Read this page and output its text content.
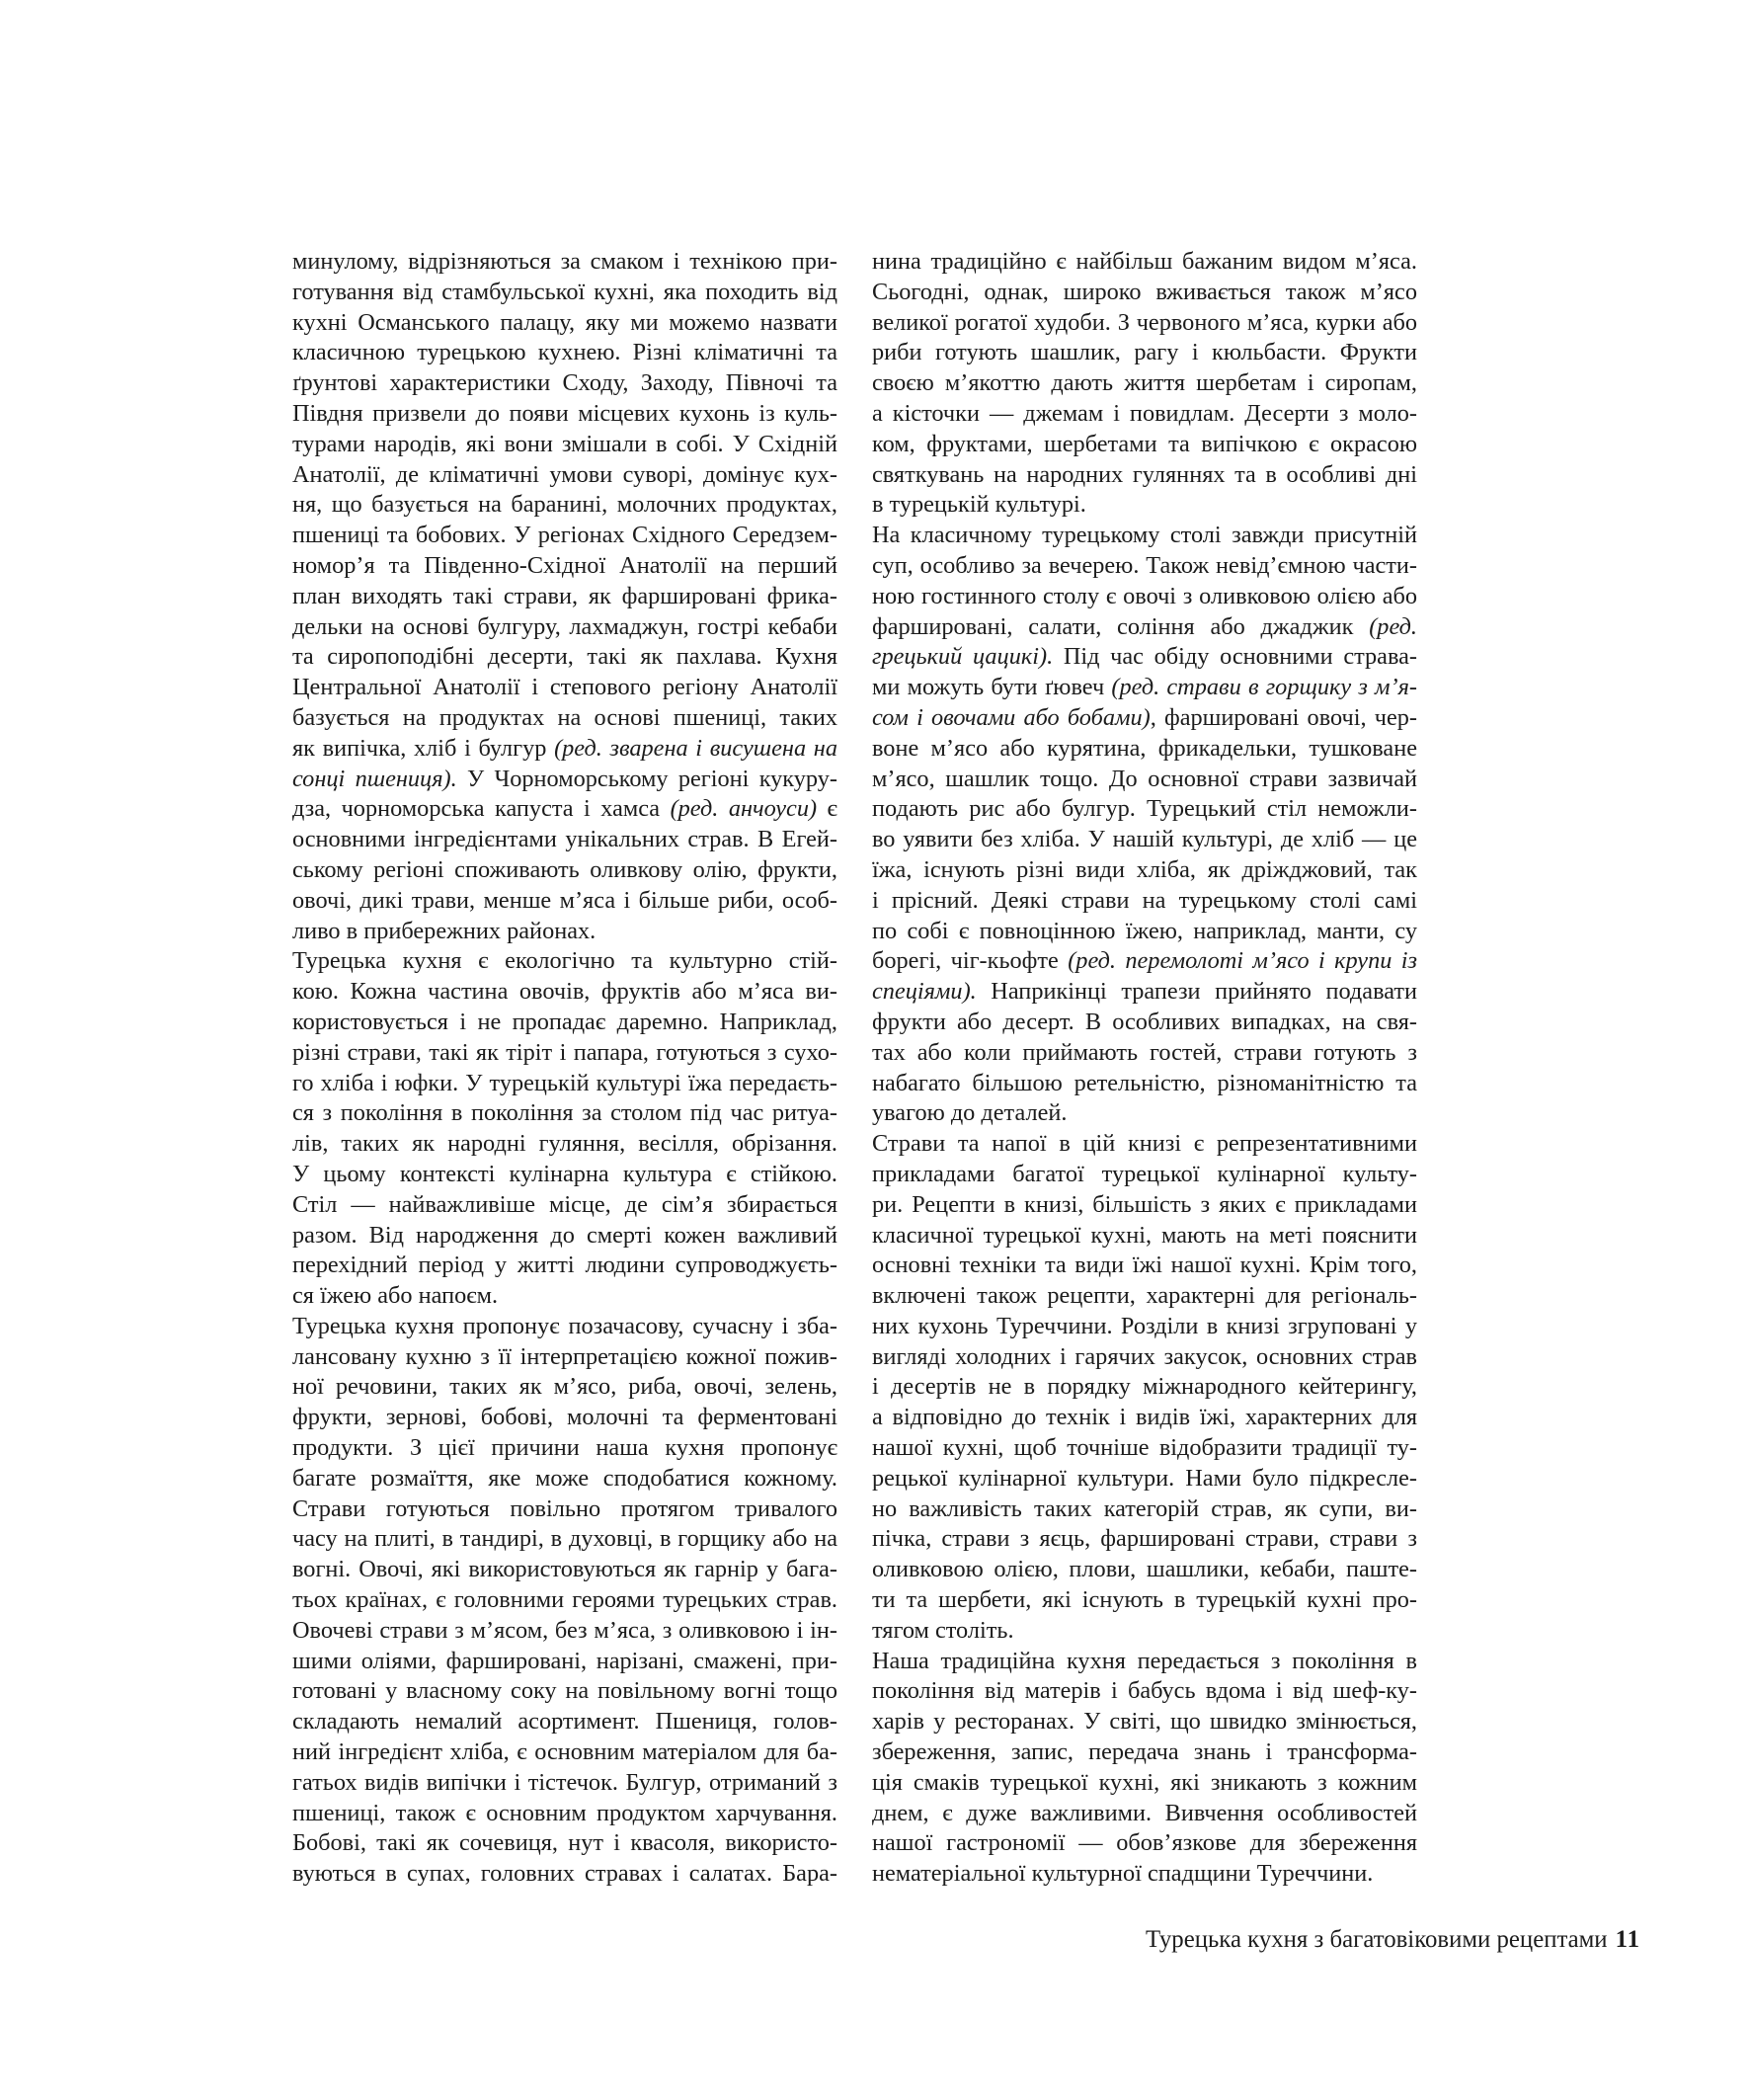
минулому, відрізняються за смаком і технікою при-
готування від стамбульської кухні, яка походить від
кухні Османського палацу, яку ми можемо назвати
класичною турецькою кухнею. Різні кліматичні та
ґрунтові характеристики Сходу, Заходу, Півночі та
Півдня призвели до появи місцевих кухонь із куль-
турами народів, які вони змішали в собі. У Східній
Анатолії, де кліматичні умови суворі, домінує кух-
ня, що базується на баранині, молочних продуктах,
пшениці та бобових. У регіонах Східного Середзем-
номор’я та Південно-Східної Анатолії на перший
план виходять такі страви, як фаршировані фрика-
дельки на основі булгуру, лахмаджун, гострі кебаби
та сиропоподібні десерти, такі як пахлава. Кухня
Центральної Анатолії і степового регіону Анатолії
базується на продуктах на основі пшениці, таких
як випічка, хліб і булгур (ред. зварена і висушена на
сонці пшениця). У Чорноморському регіоні кукуру-
дза, чорноморська капуста і хамса (ред. анчоуси) є
основними інгредієнтами унікальних страв. В Егей-
ському регіоні споживають оливкову олію, фрукти,
овочі, дикі трави, менше м’яса і більше риби, особ-
ливо в прибережних районах.
Турецька кухня є екологічно та культурно стій-
кою. Кожна частина овочів, фруктів або м’яса ви-
користовується і не пропадає даремно. Наприклад,
різні страви, такі як тіріт і папара, готуються з сухо-
го хліба і юфки. У турецькій культурі їжа передаєть-
ся з покоління в покоління за столом під час ритуа-
лів, таких як народні гуляння, весілля, обрізання.
У цьому контексті кулінарна культура є стійкою.
Стіл — найважливіше місце, де сім’я збирається
разом. Від народження до смерті кожен важливий
перехідний період у житті людини супроводжуєть-
ся їжею або напоєм.
Турецька кухня пропонує позачасову, сучасну і зба-
лансовану кухню з її інтерпретацією кожної пожив-
ної речовини, таких як м’ясо, риба, овочі, зелень,
фрукти, зернові, бобові, молочні та ферментовані
продукти. З цієї причини наша кухня пропонує
багате розмаїття, яке може сподобатися кожному.
Страви готуються повільно протягом тривалого
часу на плиті, в тандирі, в духовці, в горщику або на
вогні. Овочі, які використовуються як гарнір у бага-
тьох країнах, є головними героями турецьких страв.
Овочеві страви з м’ясом, без м’яса, з оливковою і ін-
шими оліями, фаршировані, нарізані, смажені, при-
готовані у власному соку на повільному вогні тощо
складають немалий асортимент. Пшениця, голов-
ний інгредієнт хліба, є основним матеріалом для ба-
гатьох видів випічки і тістечок. Булгур, отриманий з
пшениці, також є основним продуктом харчування.
Бобові, такі як сочевиця, нут і квасоля, використо-
вуються в супах, головних стравах і салатах. Бара-
нина традиційно є найбільш бажаним видом м’яса.
Сьогодні, однак, широко вживається також м’ясо
великої рогатої худоби. З червоного м’яса, курки або
риби готують шашлик, рагу і кюльбасти. Фрукти
своєю м’якоттю дають життя шербетам і сиропам,
а кісточки — джемам і повидлам. Десерти з моло-
ком, фруктами, шербетами та випічкою є окрасою
святкувань на народних гуляннях та в особливі дні
в турецькій культурі.
На класичному турецькому столі завжди присутній
суп, особливо за вечерею. Також невід’ємною части-
ною гостинного столу є овочі з оливковою олією або
фаршировані, салати, соління або джаджик (ред.
грецький цацикі). Під час обіду основними страва-
ми можуть бути ґювеч (ред. страви в горщику з м’я-
сом і овочами або бобами), фаршировані овочі, чер-
воне м’ясо або курятина, фрикадельки, тушковане
м’ясо, шашлик тощо. До основної страви зазвичай
подають рис або булгур. Турецький стіл неможли-
во уявити без хліба. У нашій культурі, де хліб — це
їжа, існують різні види хліба, як дріжджовий, так
і прісний. Деякі страви на турецькому столі самі
по собі є повноцінною їжею, наприклад, манти, су
борегі, чіг-кьофте (ред. перемолоті м’ясо і крупи із
спеціями). Наприкінці трапези прийнято подавати
фрукти або десерт. В особливих випадках, на свя-
тах або коли приймають гостей, страви готують з
набагато більшою ретельністю, різноманітністю та
увагою до деталей.
Страви та напої в цій книзі є репрезентативними
прикладами багатої турецької кулінарної культу-
ри. Рецепти в книзі, більшість з яких є прикладами
класичної турецької кухні, мають на меті пояснити
основні техніки та види їжі нашої кухні. Крім того,
включені також рецепти, характерні для регіональ-
них кухонь Туреччини. Розділи в книзі згруповані у
вигляді холодних і гарячих закусок, основних страв
і десертів не в порядку міжнародного кейтерингу,
а відповідно до технік і видів їжі, характерних для
нашої кухні, щоб точніше відобразити традиції ту-
рецької кулінарної культури. Нами було підкресле-
но важливість таких категорій страв, як супи, ви-
пічка, страви з яєць, фаршировані страви, страви з
оливковою олією, плови, шашлики, кебаби, паште-
ти та шербети, які існують в турецькій кухні про-
тягом століть.
Наша традиційна кухня передається з покоління в
покоління від матерів і бабусь вдома і від шеф-ку-
харів у ресторанах. У світі, що швидко змінюється,
збереження, запис, передача знань і трансформа-
ція смаків турецької кухні, які зникають з кожним
днем, є дуже важливими. Вивчення особливостей
нашої гастрономії — обов’язкове для збереження
нематеріальної культурної спадщини Туреччини.
Турецька кухня з багатовіковими рецептами 11
